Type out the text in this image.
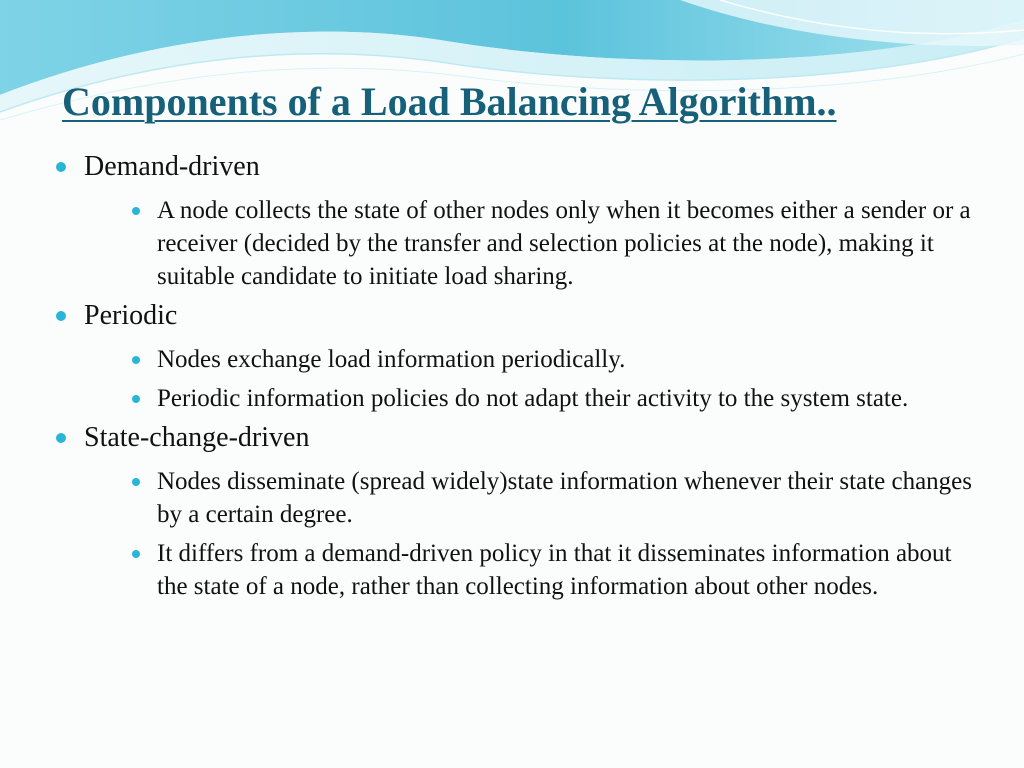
Components of a Load Balancing Algorithm..
Demand-driven
A node collects the state of other nodes only when it becomes either a sender or a receiver (decided by the transfer and selection policies at the node), making it suitable candidate to initiate load sharing.
Periodic
Nodes exchange load information periodically.
Periodic information policies do not adapt their activity to the system state.
State-change-driven
Nodes disseminate (spread widely)state information whenever their state changes by a certain degree.
It differs from a demand-driven policy in that it disseminates information about the state of a node, rather than collecting information about other nodes.
